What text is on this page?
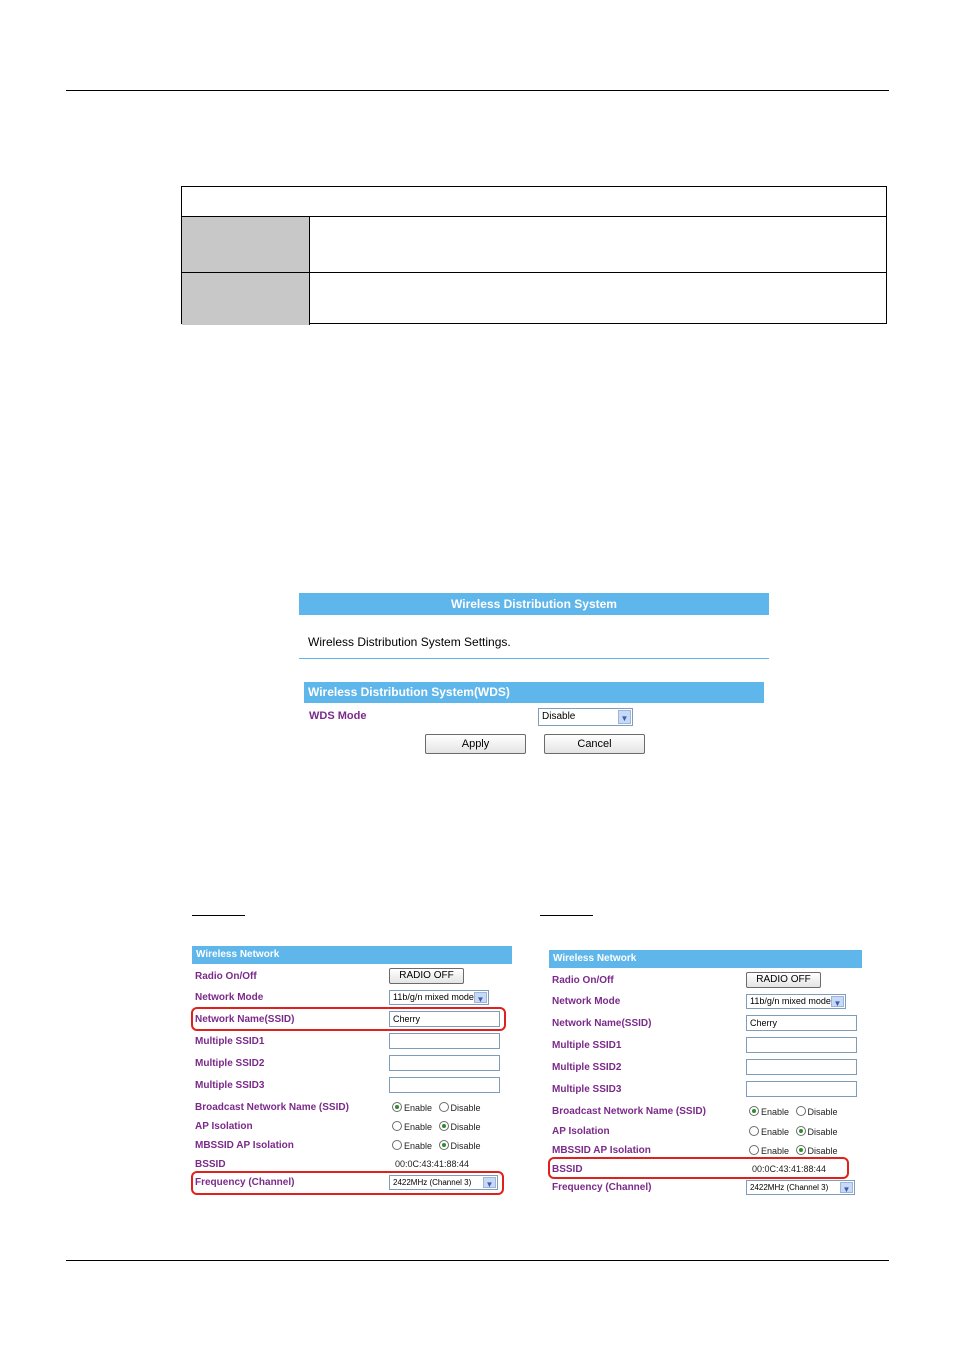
Wireless Distribution System
Wireless Distribution System Settings.
Wireless Distribution System(WDS)
WDS Mode	Disable	▼
Apply	Cancel
Wireless Network
Radio On/Off	RADIO OFF
Network Mode	11b/g/n mixed mode ▼
Network Name(SSID)	Cherry
Multiple SSID1
Multiple SSID2
Multiple SSID3
Broadcast Network Name (SSID)	Enable Disable
AP Isolation	Enable Disable
MBSSID AP Isolation	Enable Disable
BSSID	00:0C:43:41:88:44
Frequency (Channel)	2422MHz (Channel 3)	▼
Wireless Network
Radio On/Off	RADIO OFF
Network Mode	11b/g/n mixed mode ▼
Network Name(SSID)	Cherry
Multiple SSID1
Multiple SSID2
Multiple SSID3
Broadcast Network Name (SSID)	Enable Disable
AP Isolation	Enable Disable
MBSSID AP Isolation	Enable Disable
BSSID	00:0C:43:41:88:44
Frequency (Channel)	2422MHz (Channel 3)	▼
